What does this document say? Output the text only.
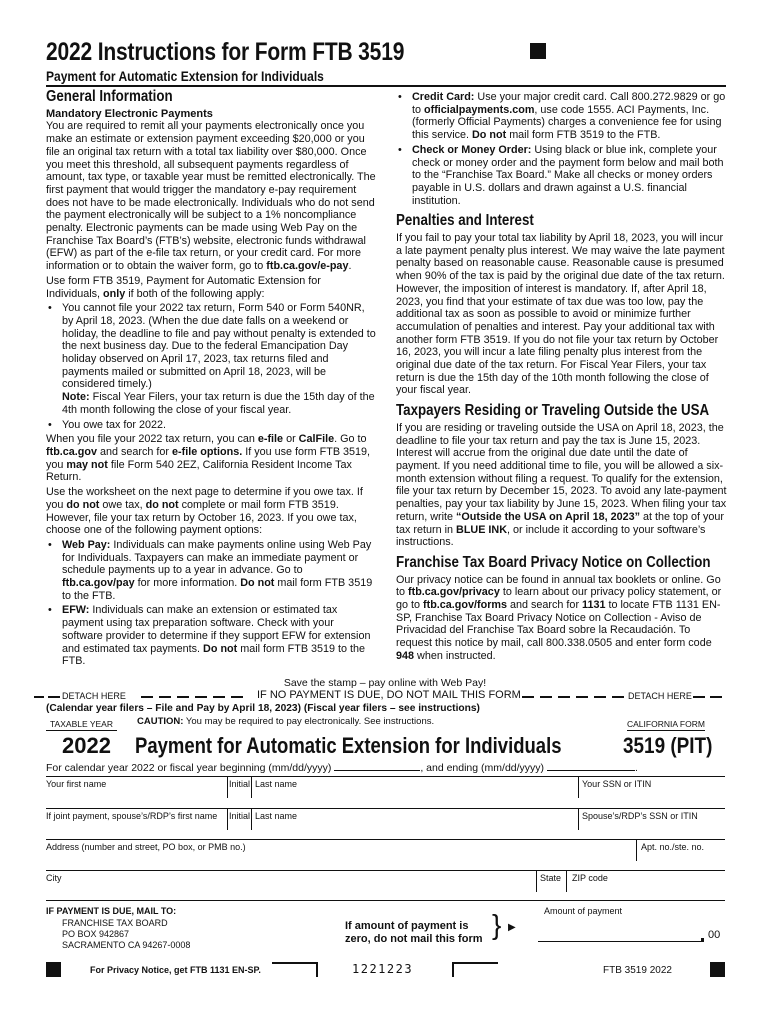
2022 Instructions for Form FTB 3519
Payment for Automatic Extension for Individuals
General Information
Mandatory Electronic Payments

You are required to remit all your payments electronically once you make an estimate or extension payment exceeding $20,000 or you file an original tax return with a total tax liability over $80,000. Once you meet this threshold, all subsequent payments regardless of amount, tax type, or taxable year must be remitted electronically. The first payment that would trigger the mandatory e-pay requirement does not have to be made electronically. Individuals who do not send the payment electronically will be subject to a 1% noncompliance penalty. Electronic payments can be made using Web Pay on the Franchise Tax Board’s (FTB’s) website, electronic funds withdrawal (EFW) as part of the e-file tax return, or your credit card. For more information or to obtain the waiver form, go to ftb.ca.gov/e-pay.

Use form FTB 3519, Payment for Automatic Extension for Individuals, only if both of the following apply:

• You cannot file your 2022 tax return, Form 540 or Form 540NR, by April 18, 2023. (When the due date falls on a weekend or holiday, the deadline to file and pay without penalty is extended to the next business day. Due to the federal Emancipation Day holiday observed on April 17, 2023, tax returns filed and payments mailed or submitted on April 18, 2023, will be considered timely.)
Note: Fiscal Year Filers, your tax return is due the 15th day of the 4th month following the close of your fiscal year.
• You owe tax for 2022.

When you file your 2022 tax return, you can e-file or CalFile. Go to ftb.ca.gov and search for e-file options. If you use form FTB 3519, you may not file Form 540 2EZ, California Resident Income Tax Return.

Use the worksheet on the next page to determine if you owe tax. If you do not owe tax, do not complete or mail form FTB 3519. However, file your tax return by October 16, 2023. If you owe tax, choose one of the following payment options:

• Web Pay: Individuals can make payments online using Web Pay for Individuals. Taxpayers can make an immediate payment or schedule payments up to a year in advance. Go to ftb.ca.gov/pay for more information. Do not mail form FTB 3519 to the FTB.
• EFW: Individuals can make an extension or estimated tax payment using tax preparation software. Check with your software provider to determine if they support EFW for extension and estimated tax payments. Do not mail form FTB 3519 to the FTB.
• Credit Card: Use your major credit card. Call 800.272.9829 or go to officialpayments.com, use code 1555. ACI Payments, Inc. (formerly Official Payments) charges a convenience fee for using this service. Do not mail form FTB 3519 to the FTB.
• Check or Money Order: Using black or blue ink, complete your check or money order and the payment form below and mail both to the “Franchise Tax Board.” Make all checks or money orders payable in U.S. dollars and drawn against a U.S. financial institution.
Penalties and Interest

If you fail to pay your total tax liability by April 18, 2023, you will incur a late payment penalty plus interest. We may waive the late payment penalty based on reasonable cause. Reasonable cause is presumed when 90% of the tax is paid by the original due date of the tax return. However, the imposition of interest is mandatory. If, after April 18, 2023, you find that your estimate of tax due was too low, pay the additional tax as soon as possible to avoid or minimize further accumulation of penalties and interest. Pay your additional tax with another form FTB 3519. If you do not file your tax return by October 16, 2023, you will incur a late filing penalty plus interest from the original due date of the tax return. For Fiscal Year Filers, your tax return is due the 15th day of the 10th month following the close of your fiscal year.

Taxpayers Residing or Traveling Outside the USA

If you are residing or traveling outside the USA on April 18, 2023, the deadline to file your tax return and pay the tax is June 15, 2023. Interest will accrue from the original due date until the date of payment. If you need additional time to file, you will be allowed a six-month extension without filing a request. To qualify for the extension, file your tax return by December 15, 2023. To avoid any late-payment penalties, pay your tax liability by June 15, 2023. When filing your tax return, write “Outside the USA on April 18, 2023” at the top of your tax return in BLUE INK, or include it according to your software’s instructions.

Franchise Tax Board Privacy Notice on Collection

Our privacy notice can be found in annual tax booklets or online. Go to ftb.ca.gov/privacy to learn about our privacy policy statement, or go to ftb.ca.gov/forms and search for 1131 to locate FTB 1131 EN-SP, Franchise Tax Board Privacy Notice on Collection - Aviso de Privacidad del Franchise Tax Board sobre la Recaudación. To request this notice by mail, call 800.338.0505 and enter form code 948 when instructed.

Save the stamp – pay online with Web Pay!
DETACH HERE	IF NO PAYMENT IS DUE, DO NOT MAIL THIS FORM	DETACH HERE
(Calendar year filers – File and Pay by April 18, 2023) (Fiscal year filers – see instructions)
CAUTION: You may be required to pay electronically. See instructions.
TAXABLE YEAR	CALIFORNIA FORM
2022 Payment for Automatic Extension for Individuals	3519 (PIT)
For calendar year 2022 or fiscal year beginning (mm/dd/yyyy)	, and ending (mm/dd/yyyy)	.
Your first name	Initial Last name	Your SSN or ITIN
If joint payment, spouse’s/RDP’s first name Initial Last name	Spouse’s/RDP’s SSN or ITIN
Address (number and street, PO box, or PMB no.)	Apt. no./ste. no.
City	State ZIP code
IF PAYMENT IS DUE, MAIL TO:
FRANCHISE TAX BOARD
PO BOX 942867
SACRAMENTO CA 94267-0008
If amount of payment is
zero, do not mail this form } ▶
Amount of payment
00
For Privacy Notice, get FTB 1131 EN-SP.	1221223	FTB 3519 2022
